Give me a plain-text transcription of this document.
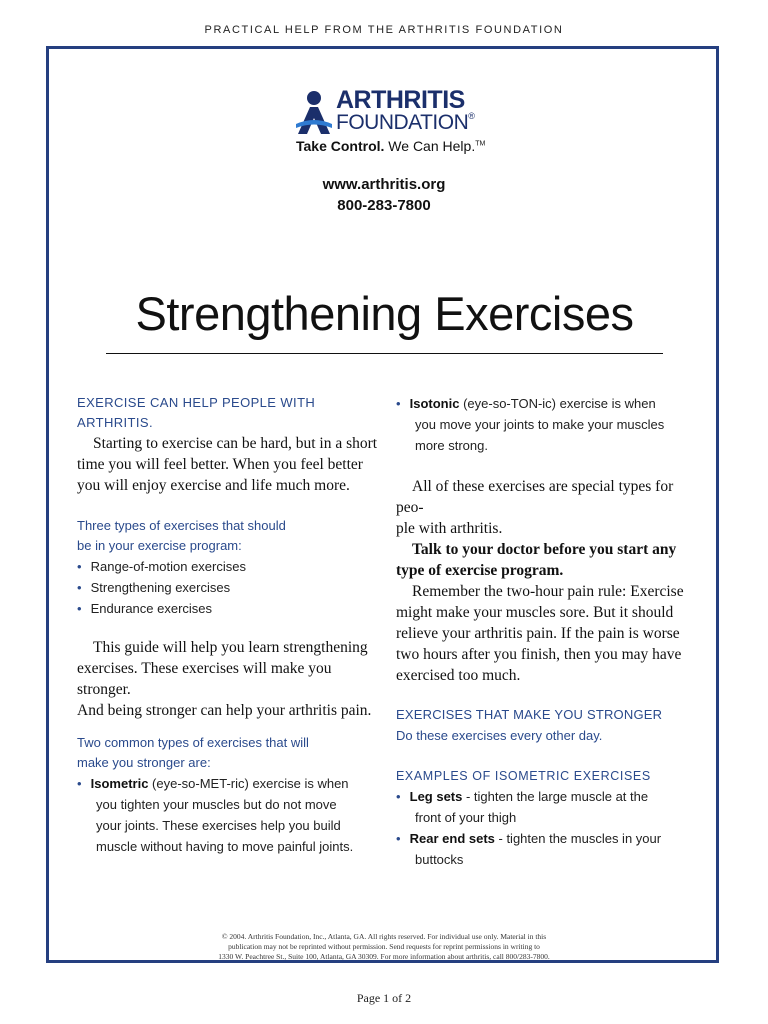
PRACTICAL HELP FROM THE ARTHRITIS FOUNDATION
ARTHRITIS
FOUNDATION®
Take Control. We Can Help.™
www.arthritis.org
800-283-7800
Strengthening Exercises
EXERCISE CAN HELP PEOPLE WITH
ARTHRITIS.
Starting to exercise can be hard, but in a short
time you will feel better. When you feel better
you will enjoy exercise and life much more.
Three types of exercises that should
be in your exercise program:
• Range-of-motion exercises
• Strengthening exercises
• Endurance exercises
This guide will help you learn strengthening
exercises. These exercises will make you stronger.
And being stronger can help your arthritis pain.
Two common types of exercises that will
make you stronger are:
• Isometric (eye-so-MET-ric) exercise is when
you tighten your muscles but do not move
your joints. These exercises help you build
muscle without having to move painful joints.
• Isotonic (eye-so-TON-ic) exercise is when
you move your joints to make your muscles
more strong.
All of these exercises are special types for peo-
ple with arthritis.
Talk to your doctor before you start any
type of exercise program.
Remember the two-hour pain rule: Exercise
might make your muscles sore. But it should
relieve your arthritis pain. If the pain is worse
two hours after you finish, then you may have
exercised too much.
EXERCISES THAT MAKE YOU STRONGER
Do these exercises every other day.
EXAMPLES OF ISOMETRIC EXERCISES
• Leg sets - tighten the large muscle at the
front of your thigh
• Rear end sets - tighten the muscles in your
buttocks
© 2004. Arthritis Foundation, Inc., Atlanta, GA. All rights reserved. For individual use only. Material in this
publication may not be reprinted without permission. Send requests for reprint permissions in writing to
1330 W. Peachtree St., Suite 100, Atlanta, GA 30309. For more information about arthritis, call 800/283-7800.
Page 1 of 2
